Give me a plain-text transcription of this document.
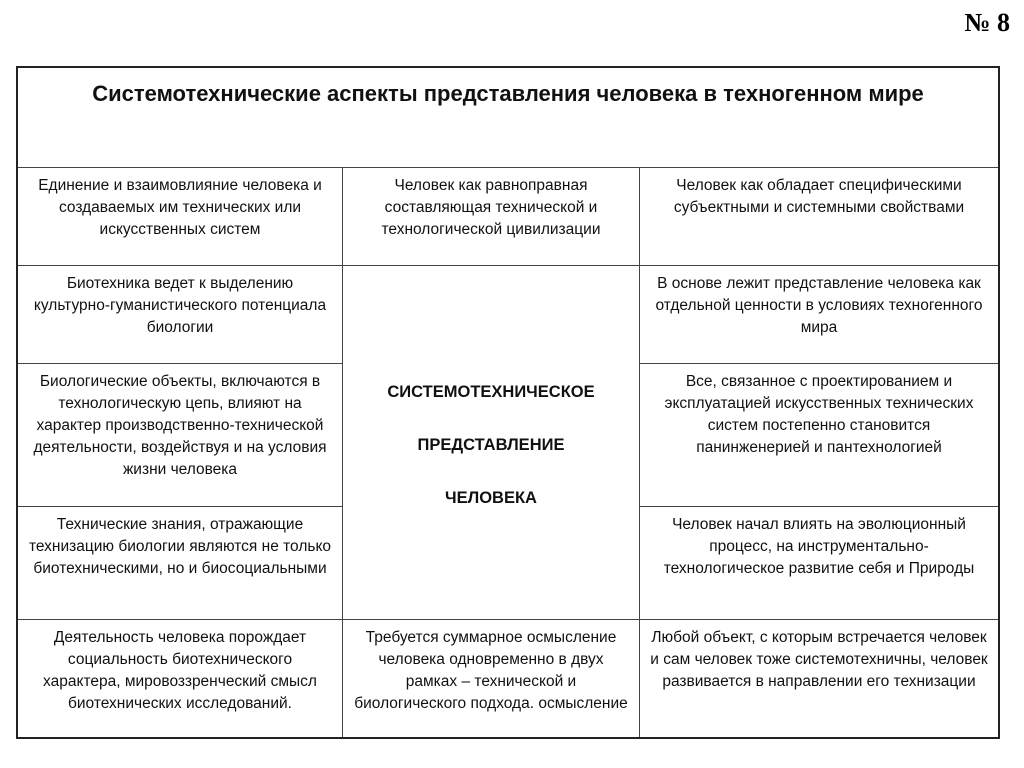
№ 8
Системотехнические аспекты представления человека в техногенном мире
Единение и взаимовлияние человека и создаваемых им технических или искусственных систем
Человек как равноправная составляющая технической и технологической цивилизации
Человек как обладает специфическими субъектными и системными свойствами
Биотехника ведет к выделению культурно-гуманистического потенциала биологии
Биологические объекты, включаются в технологическую цепь, влияют на характер производственно-технической деятельности, воздействуя и на условия жизни человека
Технические знания, отражающие технизацию биологии являются не только биотехническими, но и биосоциальными
Деятельность человека порождает социальность биотехнического характера, мировоззренческий смысл биотехнических исследований.
СИСТЕМОТЕХНИЧЕСКОЕ
ПРЕДСТАВЛЕНИЕ
ЧЕЛОВЕКА
Требуется суммарное осмысление человека одновременно в двух рамках – технической и биологического подхода. осмысление
В основе лежит представление человека как отдельной ценности в условиях техногенного мира
Все, связанное с проектированием и эксплуатацией искусственных технических систем постепенно становится панинженерией и пантехнологией
Человек начал влиять на эволюционный процесс, на инструментально-технологическое развитие себя и Природы
Любой объект, с которым встречается человек и сам человек тоже системотехничны, человек развивается в направлении его технизации
